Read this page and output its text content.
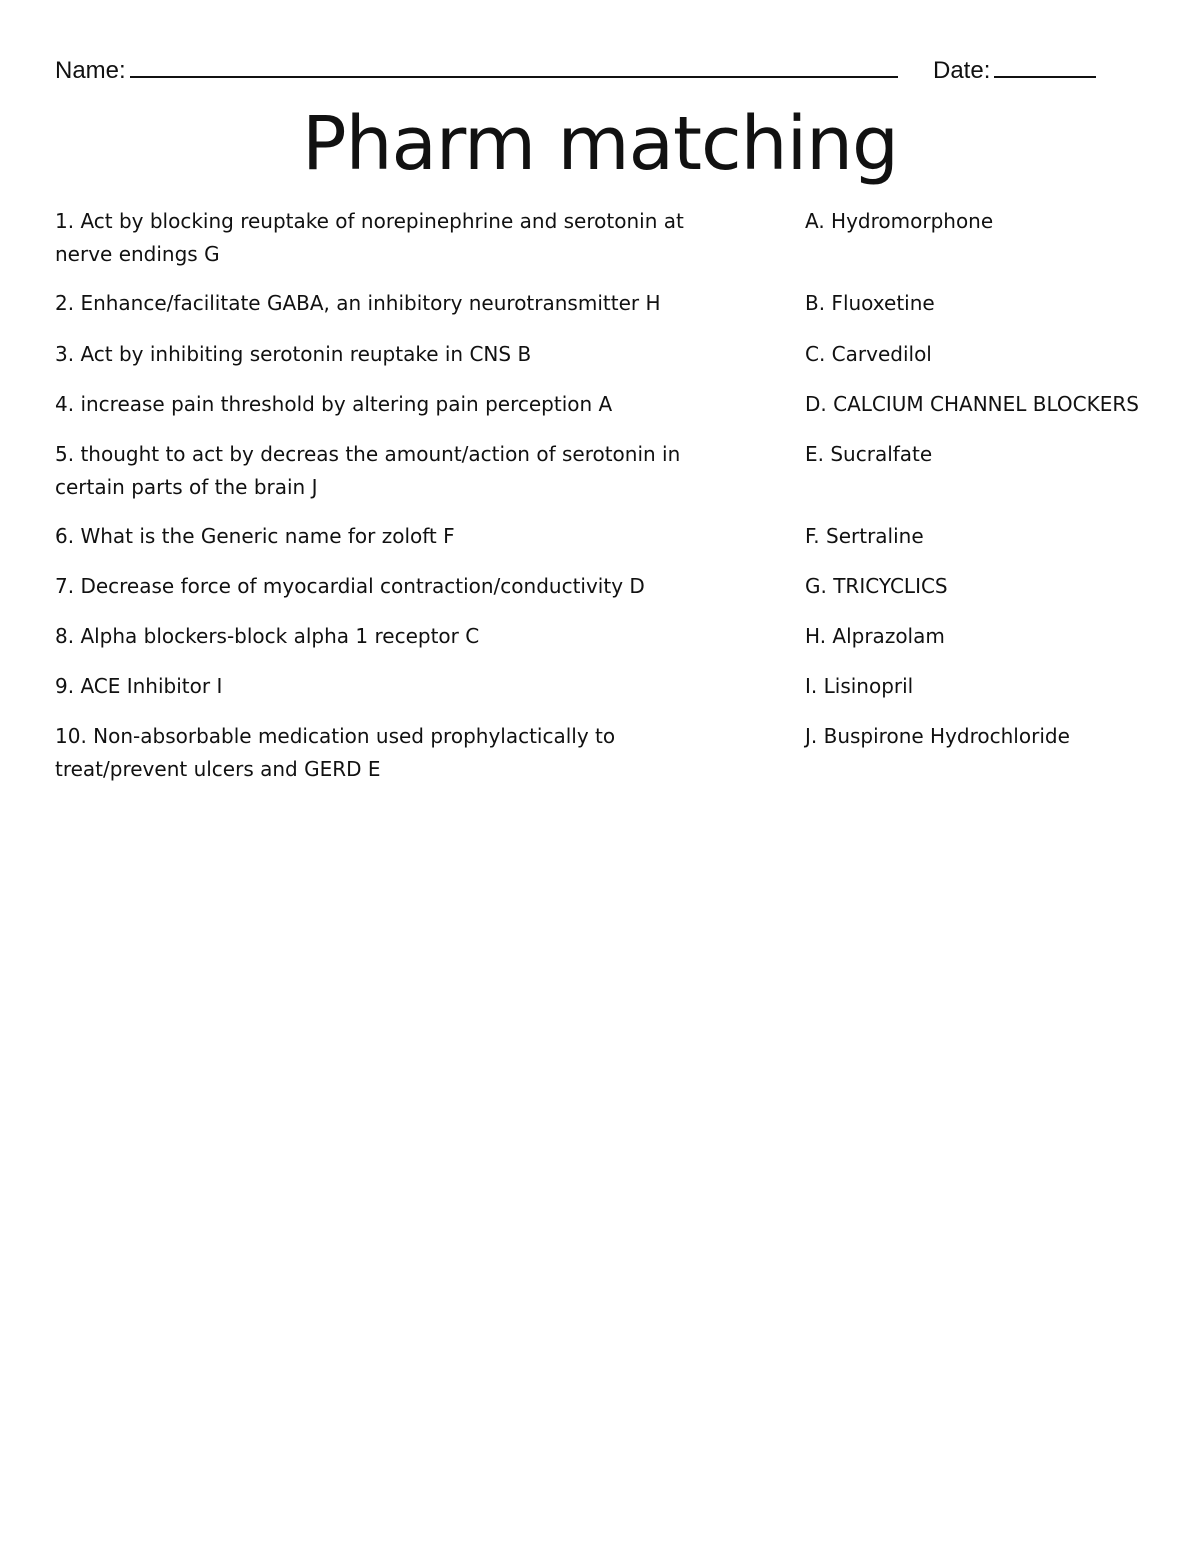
Name:	Date:
Pharm matching
1. Act by blocking reuptake of norepinephrine and serotonin at nerve endings G
2. Enhance/facilitate GABA, an inhibitory neurotransmitter H
3. Act by inhibiting serotonin reuptake in CNS B
4. increase pain threshold by altering pain perception A
5. thought to act by decreas the amount/action of serotonin in certain parts of the brain J
6. What is the Generic name for zoloft F
7. Decrease force of myocardial contraction/conductivity D
8. Alpha blockers-block alpha 1 receptor C
9. ACE Inhibitor I
10. Non-absorbable medication used prophylactically to treat/prevent ulcers and GERD E
A. Hydromorphone
B. Fluoxetine
C. Carvedilol
D. CALCIUM CHANNEL BLOCKERS
E. Sucralfate
F. Sertraline
G. TRICYCLICS
H. Alprazolam
I. Lisinopril
J. Buspirone Hydrochloride
